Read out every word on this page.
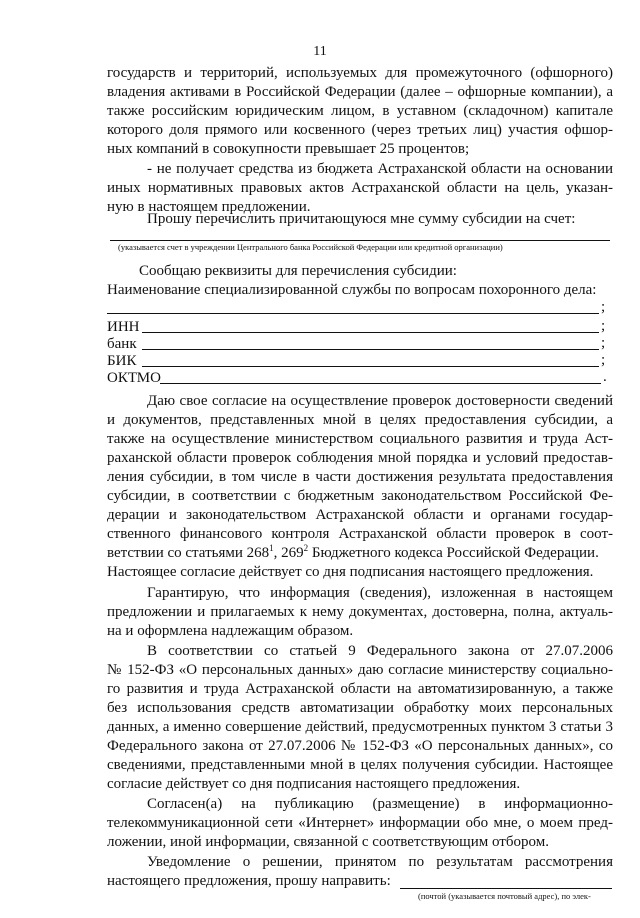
11
государств и территорий, используемых для промежуточного (офшорного)
владения активами в Российской Федерации (далее – офшорные компании), а
также российским юридическим лицом, в уставном (складочном) капитале
которого доля прямого или косвенного (через третьих лиц) участия офшор-
ных компаний в совокупности превышает 25 процентов;
- не получает средства из бюджета Астраханской области на основании
иных нормативных правовых актов Астраханской области на цель, указан-
ную в настоящем предложении.
Прошу перечислить причитающуюся мне сумму субсидии на счет:
(указывается счет в учреждении Центрального банка Российской Федерации или кредитной организации)
Сообщаю реквизиты для перечисления субсидии:
Наименование специализированной службы по вопросам похоронного дела:
;
ИНН	;
банк	;
БИК	;
ОКТМО	.
Даю свое согласие на осуществление проверок достоверности сведений
и документов, представленных мной в целях предоставления субсидии, а
также на осуществление министерством социального развития и труда Аст-
раханской области проверок соблюдения мной порядка и условий предостав-
ления субсидии, в том числе в части достижения результата предоставления
субсидии, в соответствии с бюджетным законодательством Российской Фе-
дерации и законодательством Астраханской области и органами государ-
ственного финансового контроля Астраханской области проверок в соот-
ветствии со статьями $268^1$, $269^2$ Бюджетного кодекса Российской Федерации.
Настоящее согласие действует со дня подписания настоящего предложения.
Гарантирую, что информация (сведения), изложенная в настоящем
предложении и прилагаемых к нему документах, достоверна, полна, актуаль-
на и оформлена надлежащим образом.
В соответствии со статьей 9 Федерального закона от 27.07.2006
№ 152-ФЗ «О персональных данных» даю согласие министерству социально-
го развития и труда Астраханской области на автоматизированную, а также
без использования средств автоматизации обработку моих персональных
данных, а именно совершение действий, предусмотренных пунктом 3 статьи 3
Федерального закона от 27.07.2006 № 152-ФЗ «О персональных данных», со
сведениями, представленными мной в целях получения субсидии. Настоящее
согласие действует со дня подписания настоящего предложения.
Согласен(а) на публикацию (размещение) в информационно-
телекоммуникационной сети «Интернет» информации обо мне, о моем пред-
ложении, иной информации, связанной с соответствующим отбором.
Уведомление о решении, принятом по результатам рассмотрения
настоящего предложения, прошу направить:
(почтой (указывается почтовый адрес), по элек-
